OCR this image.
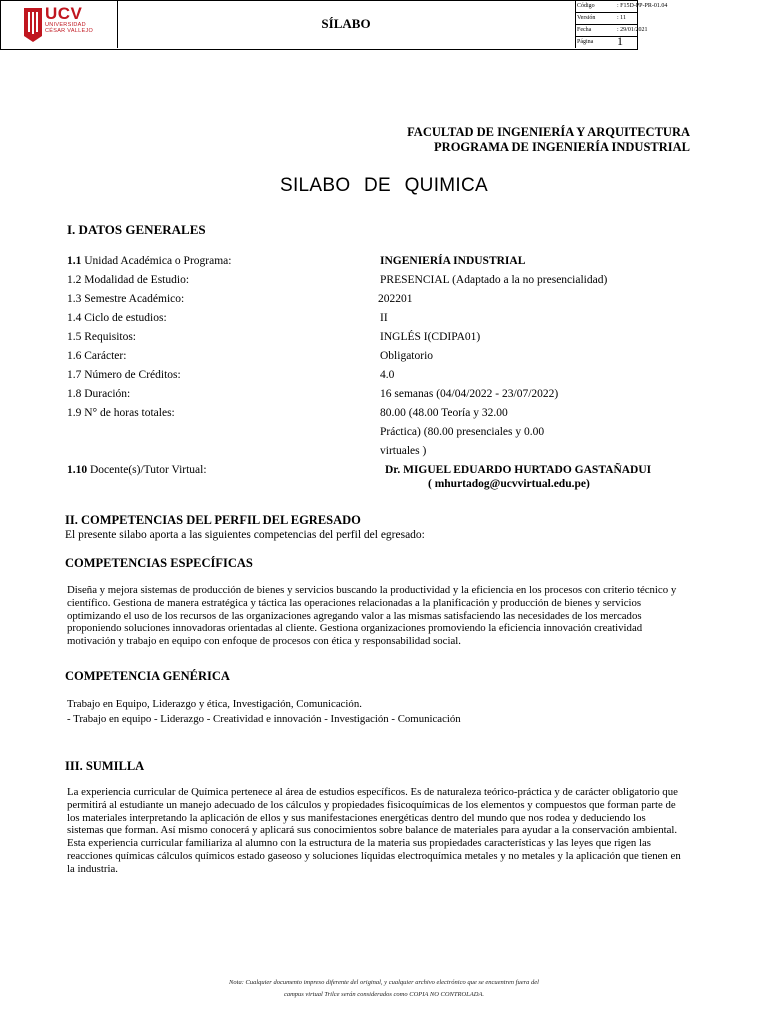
UCV
UNIVERSIDAD
CÉSAR VALLEJO	SÍLABO
Código	: F15D-PP-PR-01.04
Versión	: 11
Fecha	: 29/01/2021
Página 1
FACULTAD DE INGENIERÍA Y ARQUITECTURA
PROGRAMA DE INGENIERÍA INDUSTRIAL
SILABO DE QUIMICA
I. DATOS GENERALES
1.1 Unidad Académica o Programa:	INGENIERÍA INDUSTRIAL
1.2 Modalidad de Estudio:	PRESENCIAL (Adaptado a la no presencialidad)
1.3 Semestre Académico:	202201
1.4 Ciclo de estudios:	II
1.5 Requisitos:	INGLÉS I(CDIPA01)
1.6 Carácter:	Obligatorio
1.7 Número de Créditos:	4.0
1.8 Duración:	16 semanas (04/04/2022 - 23/07/2022)
1.9 N° de horas totales:	80.00 (48.00 Teoría y 32.00
Práctica) (80.00 presenciales y 0.00
virtuales )
1.10 Docente(s)/Tutor Virtual:	Dr. MIGUEL EDUARDO HURTADO GASTAÑADUI
( mhurtadog@ucvvirtual.edu.pe)
II. COMPETENCIAS DEL PERFIL DEL EGRESADO
El presente silabo aporta a las siguientes competencias del perfil del egresado:
COMPETENCIAS ESPECÍFICAS
Diseña y mejora sistemas de producción de bienes y servicios buscando la productividad y la eficiencia en los procesos con criterio técnico y
científico. Gestiona de manera estratégica y táctica las operaciones relacionadas a la planificación y producción de bienes y servicios
optimizando el uso de los recursos de las organizaciones agregando valor a las mismas satisfaciendo las necesidades de los mercados
proponiendo soluciones innovadoras orientadas al cliente. Gestiona organizaciones promoviendo la eficiencia innovación creatividad
motivación y trabajo en equipo con enfoque de procesos con ética y responsabilidad social.
COMPETENCIA GENÉRICA
Trabajo en Equipo, Liderazgo y ética, Investigación, Comunicación.
- Trabajo en equipo - Liderazgo - Creatividad e innovación - Investigación - Comunicación
III. SUMILLA
La experiencia curricular de Química pertenece al área de estudios específicos. Es de naturaleza teórico-práctica y de carácter obligatorio que
permitirá al estudiante un manejo adecuado de los cálculos y propiedades fisicoquímicas de los elementos y compuestos que forman parte de
los materiales interpretando la aplicación de ellos y sus manifestaciones energéticas dentro del mundo que nos rodea y deduciendo los
sistemas que forman. Así mismo conocerá y aplicará sus conocimientos sobre balance de materiales para ayudar a la conservación ambiental.
Esta experiencia curricular familiariza al alumno con la estructura de la materia sus propiedades características y las leyes que rigen las
reacciones químicas cálculos químicos estado gaseoso y soluciones líquidas electroquímica metales y no metales y la aplicación que tienen en
la industria.
Nota: Cualquier documento impreso diferente del original, y cualquier archivo electrónico que se encuentren fuera del
campus virtual Trilce serán considerados como COPIA NO CONTROLADA.
